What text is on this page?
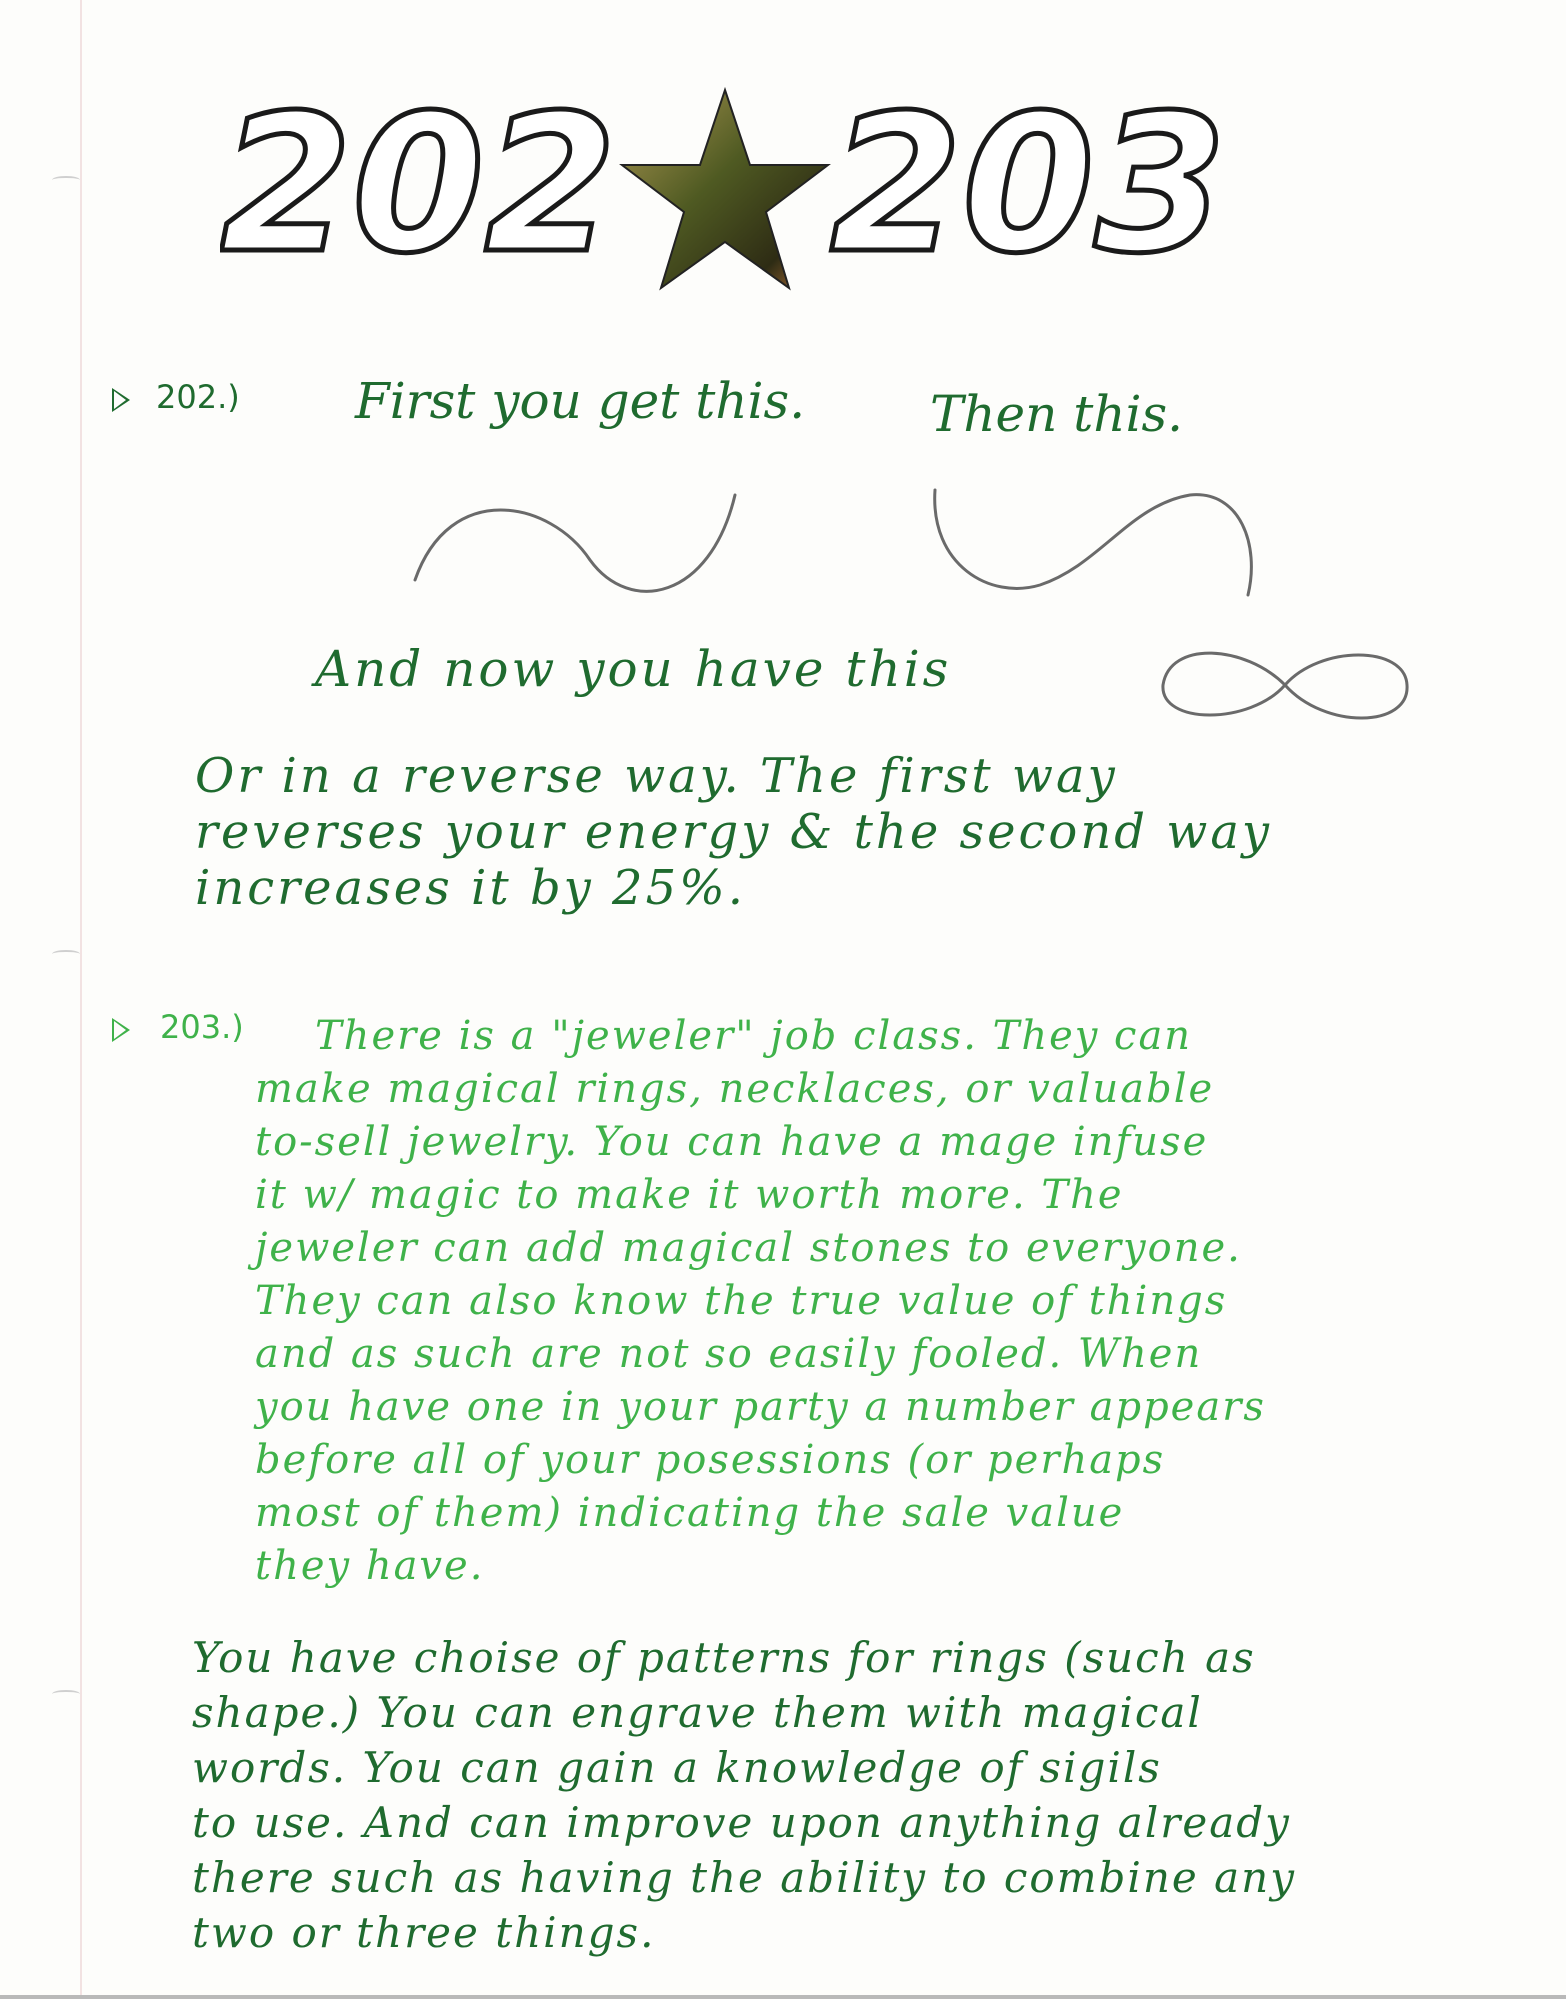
202 203
202.) First you get this. Then this.

And now you have this

Or in a reverse way. The first way
reverses your energy & the second way
increases it by 25%.
203.) There is a "jeweler" job class. They can
make magical rings, necklaces, or valuable
to-sell jewelry. You can have a mage infuse
it w/ magic to make it worth more. The
jeweler can add magical stones to everyone.
They can also know the true value of things
and as such are not so easily fooled. When
you have one in your party a number appears
before all of your posessions (or perhaps
most of them) indicating the sale value
they have.
You have choise of patterns for rings (such as
shape.) You can engrave them with magical
words. You can gain a knowledge of sigils
to use. And can improve upon anything already
there such as having the ability to combine any
two or three things.
